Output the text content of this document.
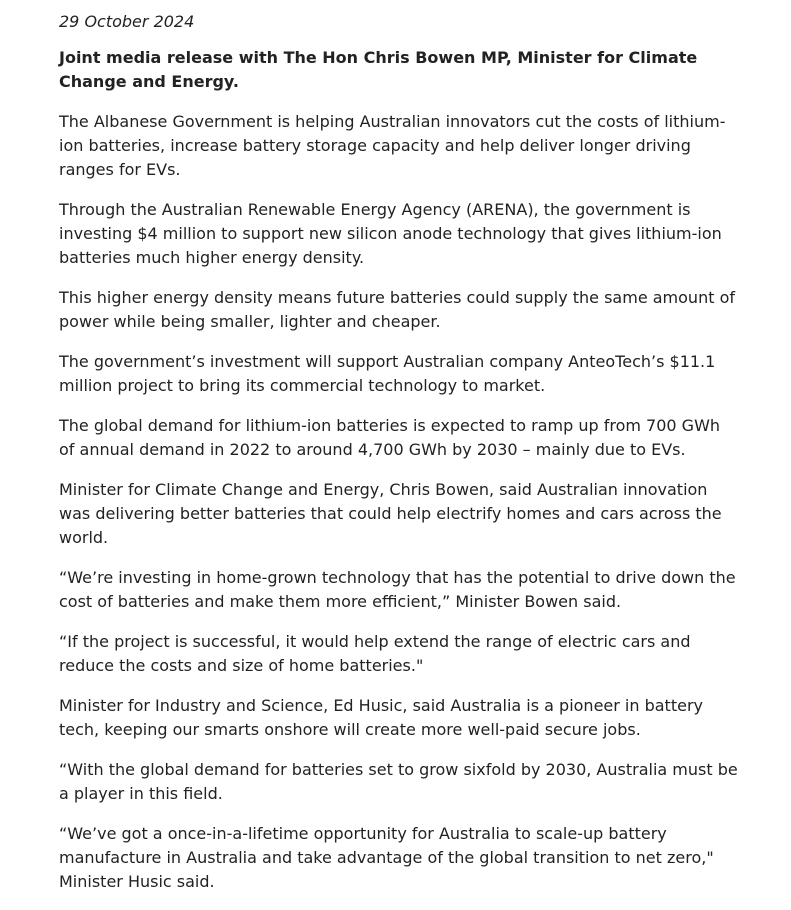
29 October 2024

Joint media release with The Hon Chris Bowen MP, Minister for Climate Change and Energy.

The Albanese Government is helping Australian innovators cut the costs of lithium-ion batteries, increase battery storage capacity and help deliver longer driving ranges for EVs.

Through the Australian Renewable Energy Agency (ARENA), the government is investing $4 million to support new silicon anode technology that gives lithium-ion batteries much higher energy density.

This higher energy density means future batteries could supply the same amount of power while being smaller, lighter and cheaper.

The government’s investment will support Australian company AnteoTech’s $11.1 million project to bring its commercial technology to market.

The global demand for lithium-ion batteries is expected to ramp up from 700 GWh of annual demand in 2022 to around 4,700 GWh by 2030 – mainly due to EVs.

Minister for Climate Change and Energy, Chris Bowen, said Australian innovation was delivering better batteries that could help electrify homes and cars across the world.

“We’re investing in home-grown technology that has the potential to drive down the cost of batteries and make them more efficient,” Minister Bowen said.

“If the project is successful, it would help extend the range of electric cars and reduce the costs and size of home batteries."

Minister for Industry and Science, Ed Husic, said Australia is a pioneer in battery tech, keeping our smarts onshore will create more well-paid secure jobs.

“With the global demand for batteries set to grow sixfold by 2030, Australia must be a player in this field.

“We’ve got a once-in-a-lifetime opportunity for Australia to scale-up battery manufacture in Australia and take advantage of the global transition to net zero," Minister Husic said.
